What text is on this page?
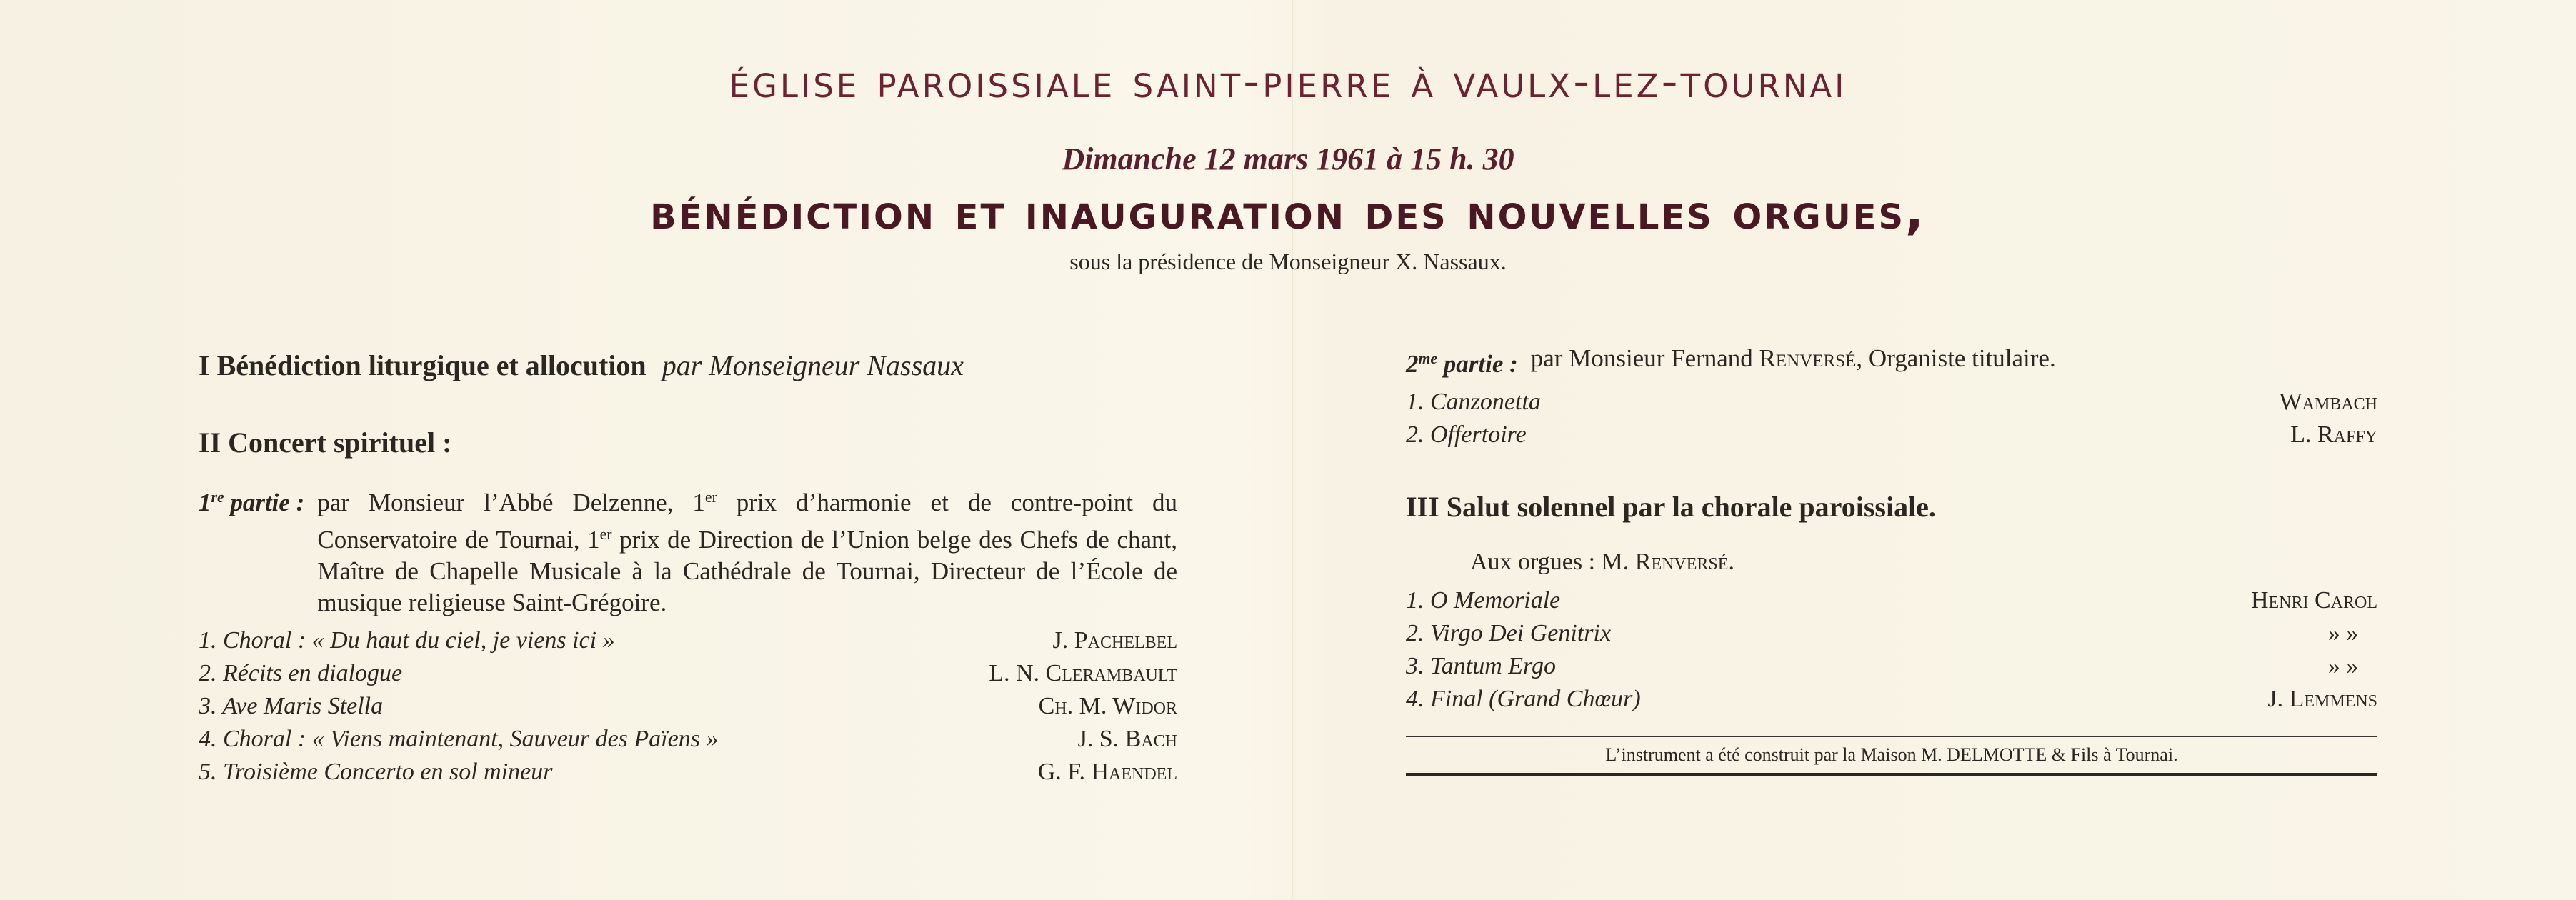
église paroissiale saint-pierre à vaulx-lez-tournai
Dimanche 12 mars 1961 à 15 h. 30
bénédiction et inauguration des nouvelles orgues,
sous la présidence de Monseigneur X. Nassaux.
I Bénédiction liturgique et allocution par Monseigneur Nassaux
II Concert spirituel :
1re partie : par Monsieur l’Abbé Delzenne, 1er prix d’harmonie et de contre-point du Conservatoire de Tournai, 1er prix de Direction de l’Union belge des Chefs de chant, Maître de Chapelle Musicale à la Cathédrale de Tournai, Directeur de l’École de musique religieuse Saint-Grégoire.
1. Choral : « Du haut du ciel, je viens ici »	J. Pachelbel
2. Récits en dialogue	L. N. Clerambault
3. Ave Maris Stella	Ch. M. Widor
4. Choral : « Viens maintenant, Sauveur des Païens »	J. S. Bach
5. Troisième Concerto en sol mineur	G. F. Haendel
$2^{me}$ partie : par Monsieur Fernand Renversé, Organiste titulaire.
1. Canzonetta	Wambach
2. Offertoire	L. Raffy
III Salut solennel par la chorale paroissiale.
Aux orgues : M. Renversé.
1. O Memoriale	Henri Carol
2. Virgo Dei Genitrix	» »
3. Tantum Ergo	» »
4. Final (Grand Chœur)	J. Lemmens
L’instrument a été construit par la Maison M. DELMOTTE & Fils à Tournai.
